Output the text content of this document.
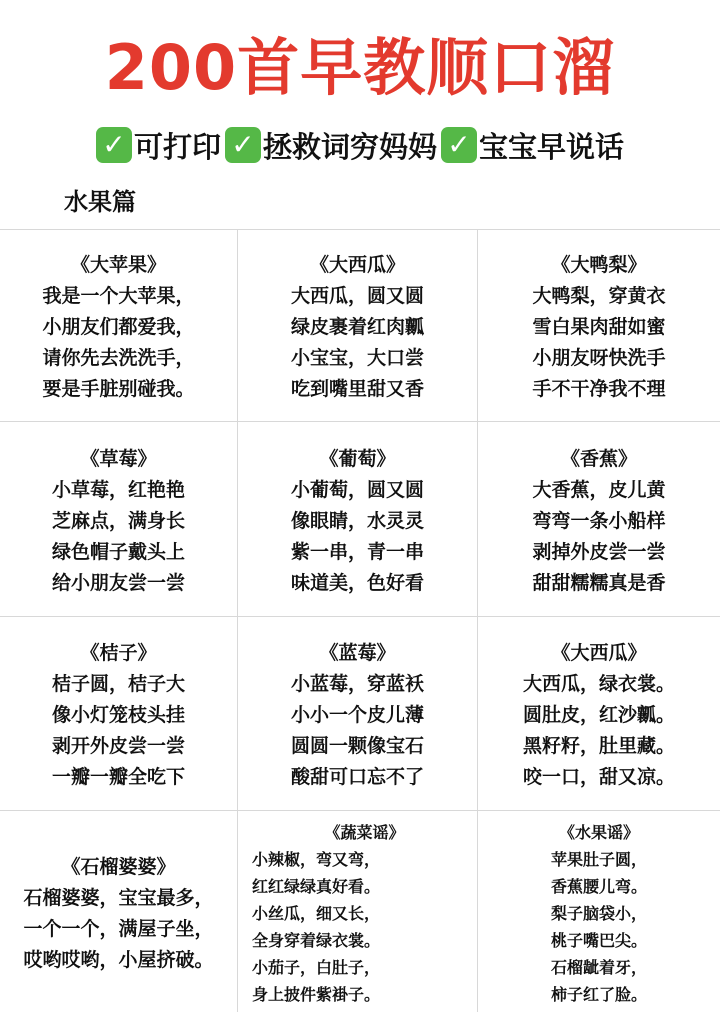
200首早教顺口溜
✓ 可打印 ✓ 拯救词穷妈妈 ✓ 宝宝早说话
水果篇
《大苹果》
我是一个大苹果，
小朋友们都爱我，
请你先去洗洗手，
要是手脏别碰我。
《大西瓜》
大西瓜，圆又圆
绿皮裹着红肉瓤
小宝宝，大口尝
吃到嘴里甜又香
《大鸭梨》
大鸭梨，穿黄衣
雪白果肉甜如蜜
小朋友呀快洗手
手不干净我不理
《草莓》
小草莓，红艳艳
芝麻点，满身长
绿色帽子戴头上
给小朋友尝一尝
《葡萄》
小葡萄，圆又圆
像眼睛，水灵灵
紫一串，青一串
味道美，色好看
《香蕉》
大香蕉，皮儿黄
弯弯一条小船样
剥掉外皮尝一尝
甜甜糯糯真是香
《桔子》
桔子圆，桔子大
像小灯笼枝头挂
剥开外皮尝一尝
一瓣一瓣全吃下
《蓝莓》
小蓝莓，穿蓝袄
小小一个皮儿薄
圆圆一颗像宝石
酸甜可口忘不了
《大西瓜》
大西瓜，绿衣裳。
圆肚皮，红沙瓤。
黑籽籽，肚里藏。
咬一口，甜又凉。
《石榴婆婆》
石榴婆婆，宝宝最多，
一个一个，满屋子坐，
哎哟哎哟，小屋挤破。
《蔬菜谣》
小辣椒，弯又弯，
红红绿绿真好看。
小丝瓜，细又长，
全身穿着绿衣裳。
小茄子，白肚子，
身上披件紫褂子。
《水果谣》
苹果肚子圆，
香蕉腰儿弯。
梨子脑袋小，
桃子嘴巴尖。
石榴龇着牙，
柿子红了脸。
